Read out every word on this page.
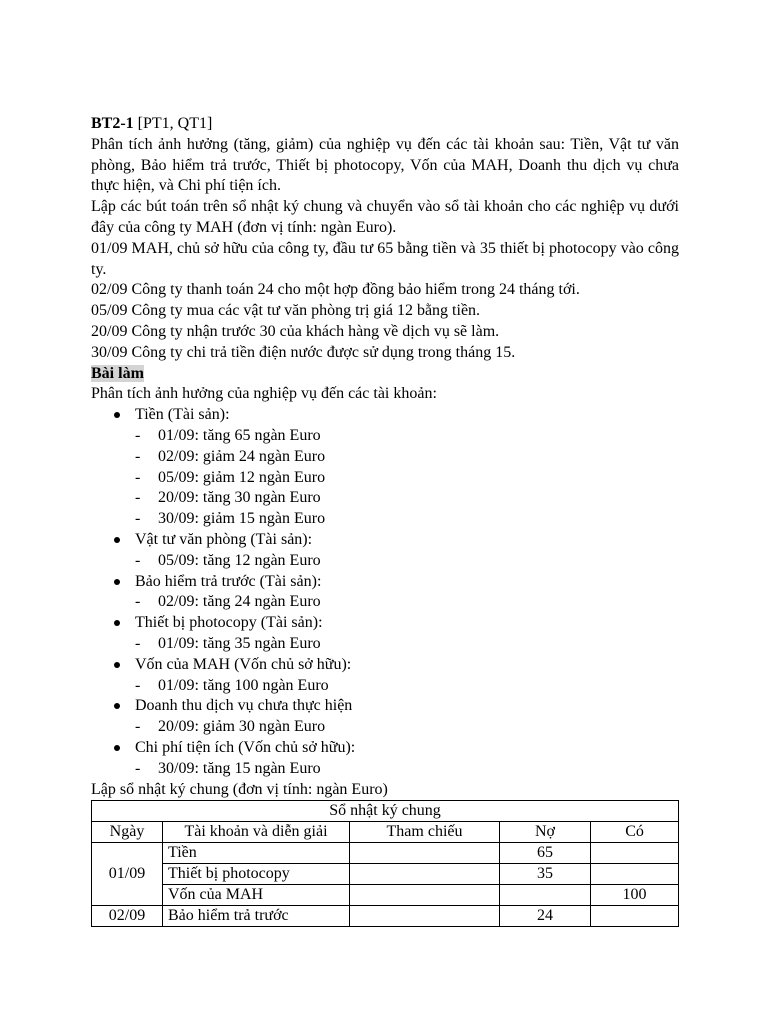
BT2-1 [PT1, QT1]

Phân tích ảnh hưởng (tăng, giảm) của nghiệp vụ đến các tài khoản sau: Tiền, Vật tư văn phòng, Bảo hiểm trả trước, Thiết bị photocopy, Vốn của MAH, Doanh thu dịch vụ chưa thực hiện, và Chi phí tiện ích.

Lập các bút toán trên sổ nhật ký chung và chuyển vào sổ tài khoản cho các nghiệp vụ dưới đây của công ty MAH (đơn vị tính: ngàn Euro).

01/09 MAH, chủ sở hữu của công ty, đầu tư 65 bằng tiền và 35 thiết bị photocopy vào công ty.

02/09 Công ty thanh toán 24 cho một hợp đồng bảo hiểm trong 24 tháng tới.

05/09 Công ty mua các vật tư văn phòng trị giá 12 bằng tiền.

20/09 Công ty nhận trước 30 của khách hàng về dịch vụ sẽ làm.

30/09 Công ty chi trả tiền điện nước được sử dụng trong tháng 15.

Bài làm

Phân tích ảnh hưởng của nghiệp vụ đến các tài khoản:

Tiền (Tài sản):
- 01/09: tăng 65 ngàn Euro
- 02/09: giảm 24 ngàn Euro
- 05/09: giảm 12 ngàn Euro
- 20/09: tăng 30 ngàn Euro
- 30/09: giảm 15 ngàn Euro
Vật tư văn phòng (Tài sản):
- 05/09: tăng 12 ngàn Euro
Bảo hiểm trả trước (Tài sản):
- 02/09: tăng 24 ngàn Euro
Thiết bị photocopy (Tài sản):
- 01/09: tăng 35 ngàn Euro
Vốn của MAH (Vốn chủ sở hữu):
- 01/09: tăng 100 ngàn Euro
Doanh thu dịch vụ chưa thực hiện
- 20/09: giảm 30 ngàn Euro
Chi phí tiện ích (Vốn chủ sở hữu):
- 30/09: tăng 15 ngàn Euro

Lập sổ nhật ký chung (đơn vị tính: ngàn Euro)

Sổ nhật ký chung				
Ngày	Tài khoản và diễn giải	Tham chiếu	Nợ	Có
01/09	Tiền		65	
	Thiết bị photocopy		35	
	Vốn của MAH			100
02/09	Bảo hiểm trả trước		24	
